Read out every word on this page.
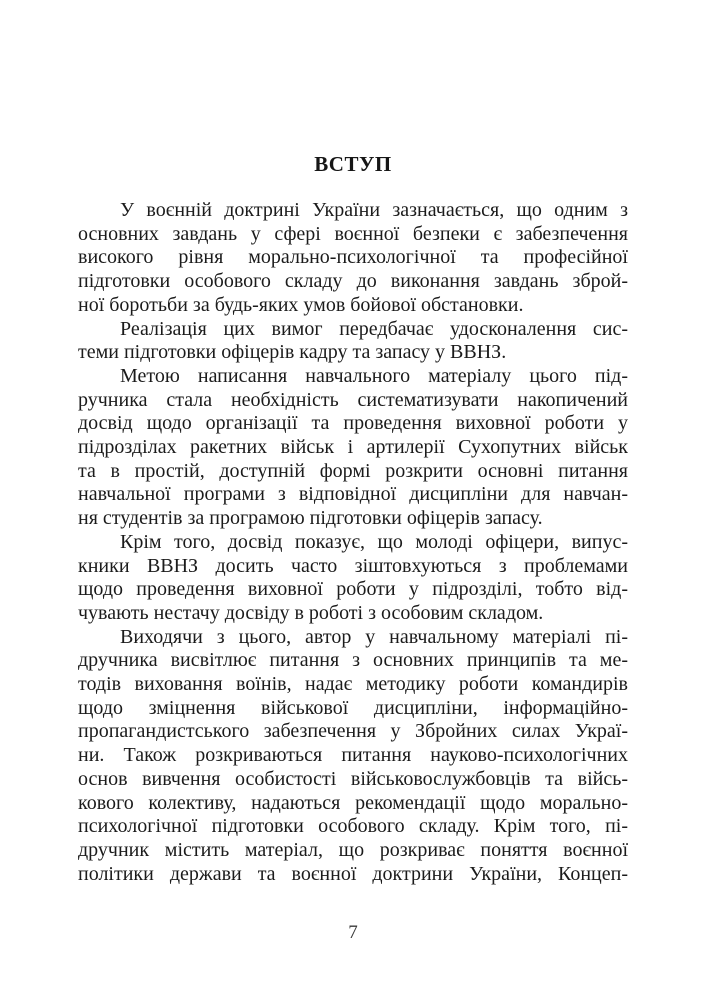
ВСТУП
У воєнній доктрині України зазначається, що одним з
основних завдань у сфері воєнної безпеки є забезпечення
високого рівня морально-психологічної та професійної
підготовки особового складу до виконання завдань зброй-
ної боротьби за будь-яких умов бойової обстановки.
Реалізація цих вимог передбачає удосконалення сис-
теми підготовки офіцерів кадру та запасу у ВВНЗ.
Метою написання навчального матеріалу цього під-
ручника стала необхідність систематизувати накопичений
досвід щодо організації та проведення виховної роботи у
підрозділах ракетних військ і артилерії Сухопутних військ
та в простій, доступній формі розкрити основні питання
навчальної програми з відповідної дисципліни для навчан-
ня студентів за програмою підготовки офіцерів запасу.
Крім того, досвід показує, що молоді офіцери, випус-
кники ВВНЗ досить часто зіштовхуються з проблемами
щодо проведення виховної роботи у підрозділі, тобто від-
чувають нестачу досвіду в роботі з особовим складом.
Виходячи з цього, автор у навчальному матеріалі пі-
дручника висвітлює питання з основних принципів та ме-
тодів виховання воїнів, надає методику роботи командирів
щодо зміцнення військової дисципліни, інформаційно-
пропагандистського забезпечення у Збройних силах Украї-
ни. Також розкриваються питання науково-психологічних
основ вивчення особистості військовослужбовців та війсь-
кового колективу, надаються рекомендації щодо морально-
психологічної підготовки особового складу. Крім того, пі-
дручник містить матеріал, що розкриває поняття воєнної
політики держави та воєнної доктрини України, Концеп-
7
